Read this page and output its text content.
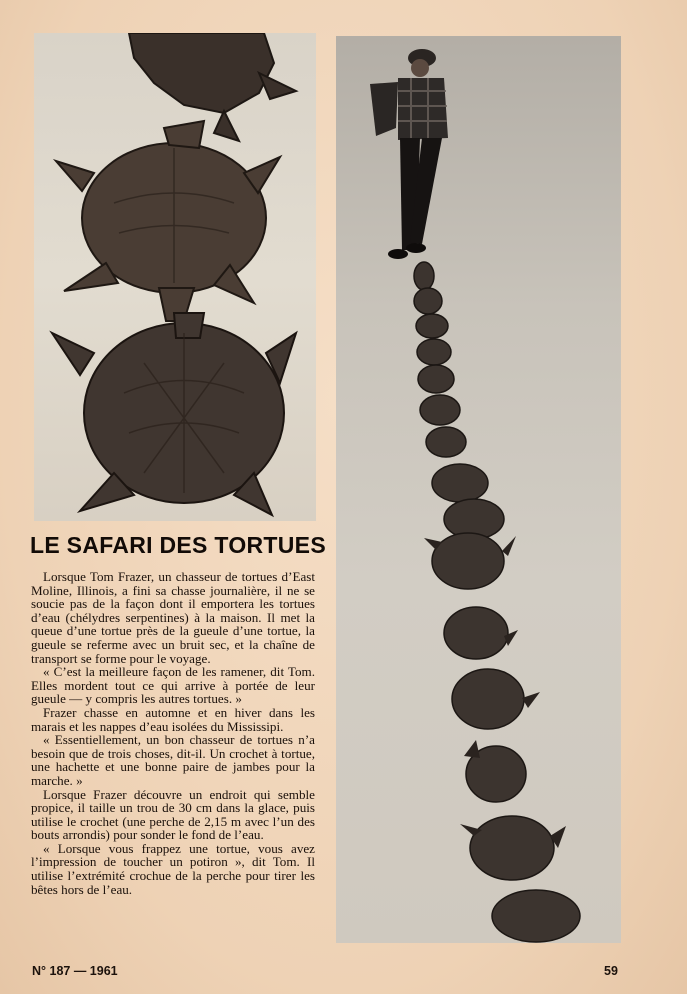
LE SAFARI DES TORTUES

Lorsque Tom Frazer, un chasseur de tortues d’East Moline, Illinois, a fini sa chasse journalière, il ne se soucie pas de la façon dont il emportera les tortues d’eau (chélydres serpentines) à la maison. Il met la queue d’une tortue près de la gueule d’une tortue, la gueule se referme avec un bruit sec, et la chaîne de transport se forme pour le voyage.

« C’est la meilleure façon de les ramener, dit Tom. Elles mordent tout ce qui arrive à portée de leur gueule — y compris les autres tortues. »

Frazer chasse en automne et en hiver dans les marais et les nappes d’eau isolées du Mississipi.

« Essentiellement, un bon chasseur de tortues n’a besoin que de trois choses, dit-il. Un crochet à tortue, une hachette et une bonne paire de jambes pour la marche. »

Lorsque Frazer découvre un endroit qui semble propice, il taille un trou de 30 cm dans la glace, puis utilise le crochet (une perche de 2,15 m avec l’un des bouts arrondis) pour sonder le fond de l’eau.

« Lorsque vous frappez une tortue, vous avez l’impression de toucher un potiron », dit Tom. Il utilise l’extrémité crochue de la perche pour tirer les bêtes hors de l’eau.

N° 187 — 1961	59
